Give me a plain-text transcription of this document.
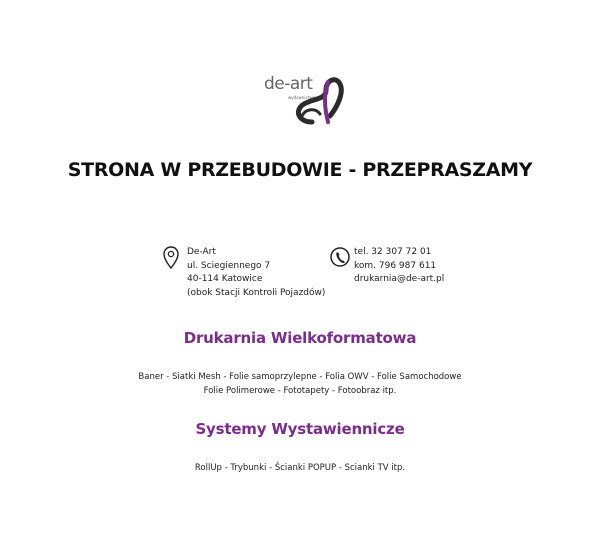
de-art
wydawnictwo
STRONA W PRZEBUDOWIE - PRZEPRASZAMY
De-Art
ul. Sciegiennego 7
40-114 Katowice
(obok Stacji Kontroli Pojazdów)
tel. 32 307 72 01
kom. 796 987 611
drukarnia@de-art.pl
Drukarnia Wielkoformatowa
Baner - Siatki Mesh - Folie samoprzylepne - Folia OWV - Folie Samochodowe
Folie Polimerowe - Fototapety - Fotoobraz itp.
Systemy Wystawiennicze
RollUp - Trybunki - Ścianki POPUP - Scianki TV itp.
